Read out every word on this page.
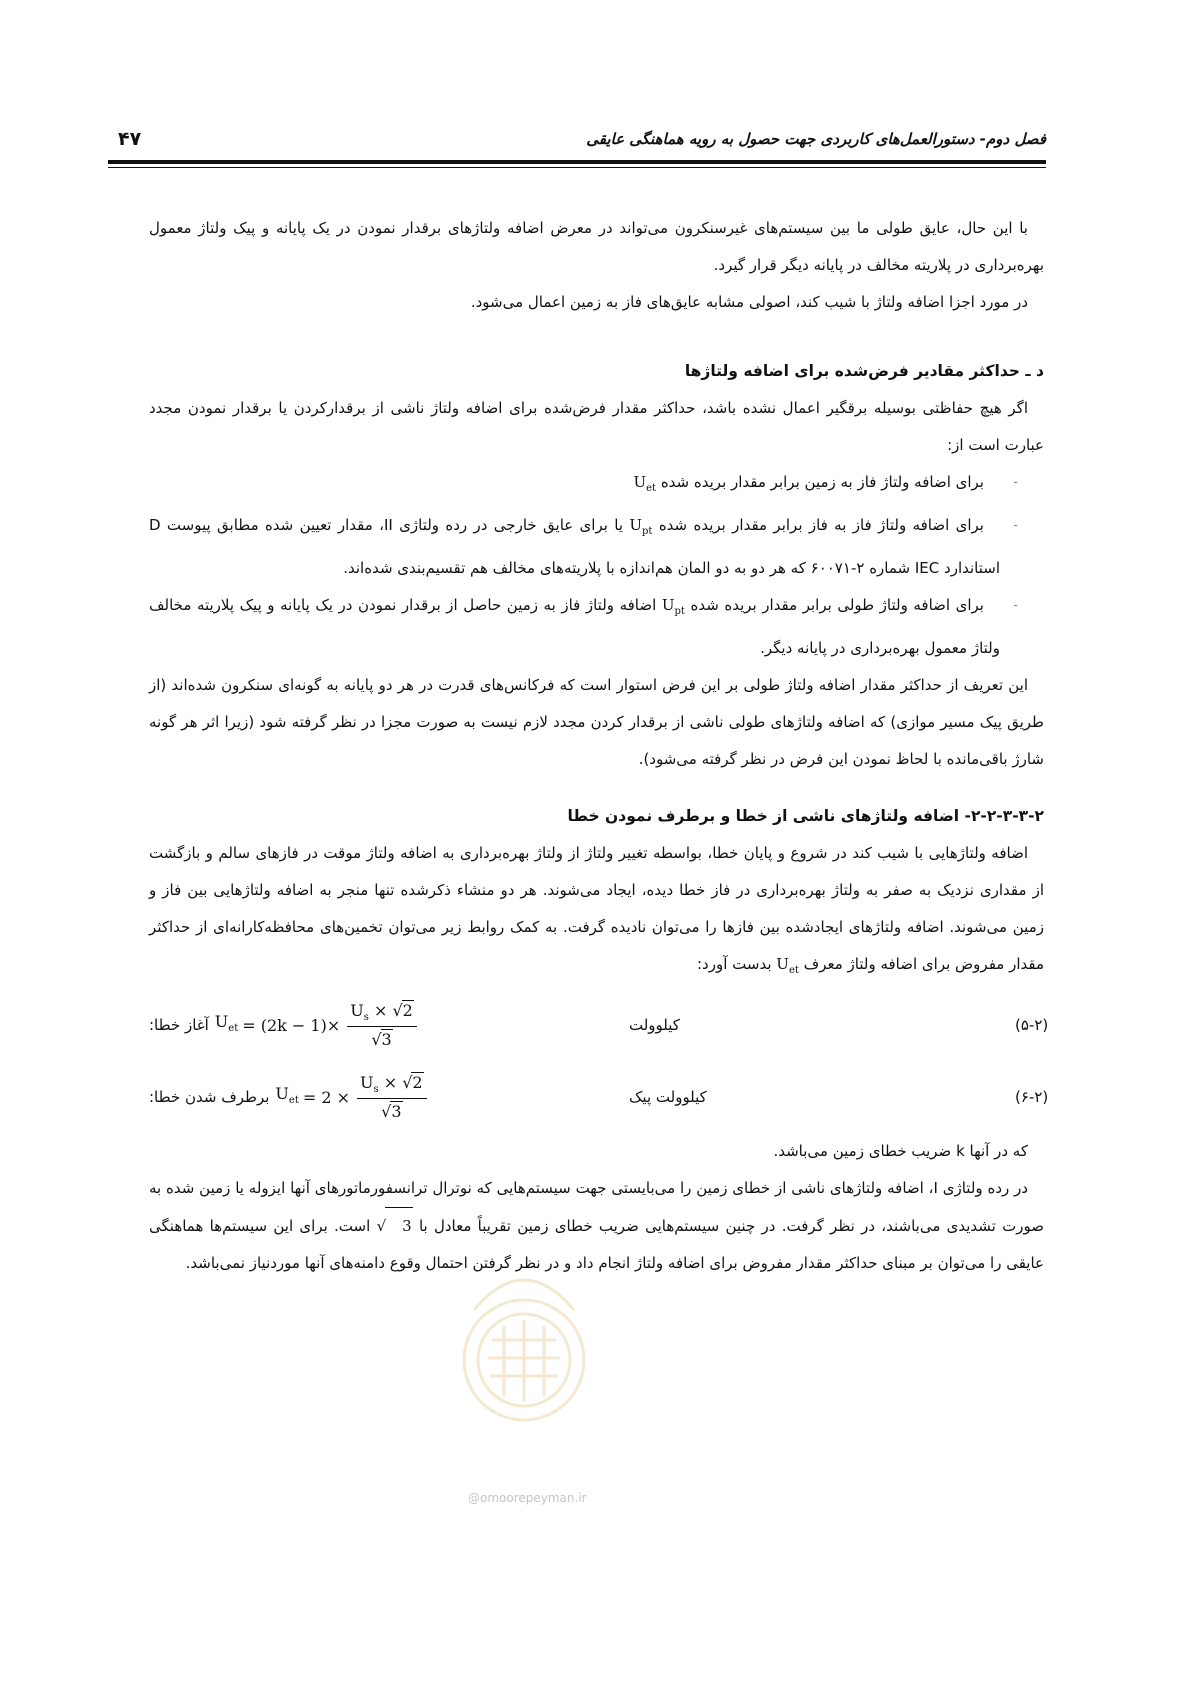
فصل دوم- دستورالعمل‌های کاربردی جهت حصول به رویه هماهنگی عایقی
۴۷

با این حال، عایق طولی ما بین سیستم‌های غیرسنکرون می‌تواند در معرض اضافه ولتاژهای برقدار نمودن در یک پایانه و پیک ولتاژ معمول بهره‌برداری در پلاریته مخالف در پایانه دیگر قرار گیرد.

در مورد اجزا اضافه ولتاژ با شیب کند، اصولی مشابه عایق‌های فاز به زمین اعمال می‌شود.

د ـ حداکثر مقادیر فرض‌شده برای اضافه ولتاژها

اگر هیچ حفاظتی بوسیله برقگیر اعمال نشده باشد، حداکثر مقدار فرض‌شده برای اضافه ولتاژ ناشی از برقدارکردن یا برقدار نمودن مجدد عبارت است از:

-
برای اضافه ولتاژ فاز به زمین برابر مقدار بریده شده $U_{et}$

-
برای اضافه ولتاژ فاز به فاز برابر مقدار بریده شده $U_{pt}$ یا برای عایق خارجی در رده ولتاژی II، مقدار تعیین شده مطابق پیوست D استاندارد IEC شماره ۲-۶۰۰۷۱ که هر دو به دو المان هم‌اندازه با پلاریته‌های مخالف هم تقسیم‌بندی شده‌اند.

-
برای اضافه ولتاژ طولی برابر مقدار بریده شده $U_{pt}$ اضافه ولتاژ فاز به زمین حاصل از برقدار نمودن در یک پایانه و پیک پلاریته مخالف ولتاژ معمول بهره‌برداری در پایانه دیگر.

این تعریف از حداکثر مقدار اضافه ولتاژ طولی بر این فرض استوار است که فرکانس‌های قدرت در هر دو پایانه به گونه‌ای سنکرون شده‌اند (از طریق پیک مسیر موازی) که اضافه ولتاژهای طولی ناشی از برقدار کردن مجدد لازم نیست به صورت مجزا در نظر گرفته شود (زیرا اثر هر گونه شارژ باقی‌مانده با لحاظ نمودن این فرض در نظر گرفته می‌شود).

۲-۲-۳-۳-۲- اضافه ولتاژهای ناشی از خطا و برطرف نمودن خطا

اضافه ولتاژهایی با شیب کند در شروع و پایان خطا، بواسطه تغییر ولتاژ از ولتاژ بهره‌برداری به اضافه ولتاژ موقت در فازهای سالم و بازگشت از مقداری نزدیک به صفر به ولتاژ بهره‌برداری در فاز خطا دیده، ایجاد می‌شوند. هر دو منشاء ذکرشده تنها منجر به اضافه ولتاژهایی بین فاز و زمین می‌شوند. اضافه ولتاژهای ایجادشده بین فازها را می‌توان نادیده گرفت. به کمک روابط زیر می‌توان تخمین‌های محافظه‌کارانه‌ای از حداکثر مقدار مفروض برای اضافه ولتاژ معرف $U_{et}$ بدست آورد:

آغاز خطا: $U_{et} = (2k - 1)\times \frac{U_s \times √2}{√3}$	کیلوولت	(۵-۲)
برطرف شدن خطا: $U_{et} = 2 \times \frac{U_s \times √2}{√3}$	کیلوولت پیک	(۶-۲)

که در آنها k ضریب خطای زمین می‌باشد.

در رده ولتاژی I، اضافه ولتاژهای ناشی از خطای زمین را می‌بایستی جهت سیستم‌هایی که نوترال ترانسفورماتورهای آنها ایزوله یا زمین شده به صورت تشدیدی می‌باشند، در نظر گرفت. در چنین سیستم‌هایی ضریب خطای زمین تقریباً معادل با √ 3 است. برای این سیستم‌ها هماهنگی عایقی را می‌توان بر مبنای حداکثر مقدار مفروض برای اضافه ولتاژ انجام داد و در نظر گرفتن احتمال وقوع دامنه‌های آنها موردنیاز نمی‌باشد.

@omoorepeyman.ir
